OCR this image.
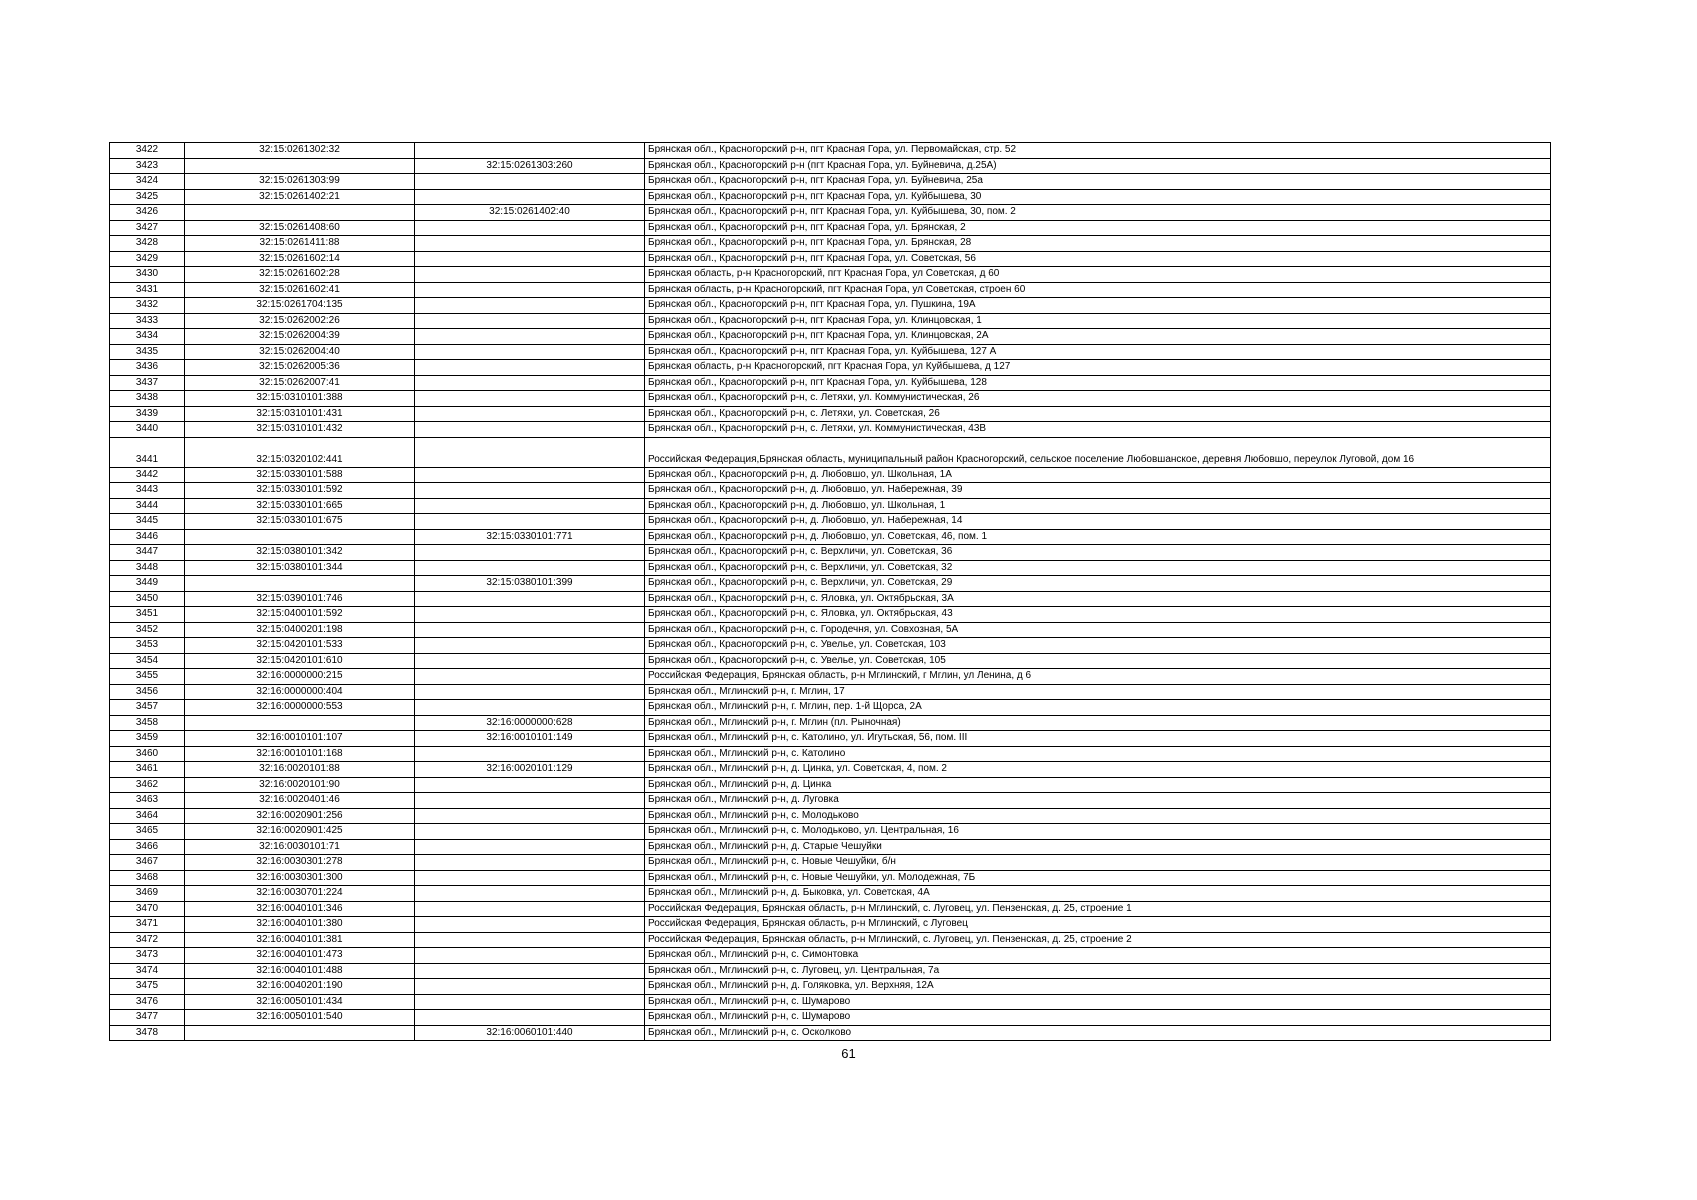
3422	32:15:0261302:32		Брянская обл., Красногорский р-н, пгт Красная Гора, ул. Первомайская, стр. 52
3423		32:15:0261303:260	Брянская обл., Красногорский р-н (пгт Красная Гора, ул. Буйневича, д.25А)
3424	32:15:0261303:99		Брянская обл., Красногорский р-н, пгт Красная Гора, ул. Буйневича, 25а
3425	32:15:0261402:21		Брянская обл., Красногорский р-н, пгт Красная Гора, ул. Куйбышева, 30
3426		32:15:0261402:40	Брянская обл., Красногорский р-н, пгт Красная Гора, ул. Куйбышева, 30, пом. 2
3427	32:15:0261408:60		Брянская обл., Красногорский р-н, пгт Красная Гора, ул. Брянская, 2
3428	32:15:0261411:88		Брянская обл., Красногорский р-н, пгт Красная Гора, ул. Брянская, 28
3429	32:15:0261602:14		Брянская обл., Красногорский р-н, пгт Красная Гора, ул. Советская, 56
3430	32:15:0261602:28		Брянская область, р-н Красногорский, пгт Красная Гора, ул Советская, д 60
3431	32:15:0261602:41		Брянская область, р-н Красногорский, пгт Красная Гора, ул Советская, строен 60
3432	32:15:0261704:135		Брянская обл., Красногорский р-н, пгт Красная Гора, ул. Пушкина, 19А
3433	32:15:0262002:26		Брянская обл., Красногорский р-н, пгт Красная Гора, ул. Клинцовская, 1
3434	32:15:0262004:39		Брянская обл., Красногорский р-н, пгт Красная Гора, ул. Клинцовская, 2А
3435	32:15:0262004:40		Брянская обл., Красногорский р-н, пгт Красная Гора, ул. Куйбышева, 127 А
3436	32:15:0262005:36		Брянская область, р-н Красногорский, пгт Красная Гора, ул Куйбышева, д 127
3437	32:15:0262007:41		Брянская обл., Красногорский р-н, пгт Красная Гора, ул. Куйбышева, 128
3438	32:15:0310101:388		Брянская обл., Красногорский р-н, с. Летяхи, ул. Коммунистическая, 26
3439	32:15:0310101:431		Брянская обл., Красногорский р-н, с. Летяхи, ул. Советская, 26
3440	32:15:0310101:432		Брянская обл., Красногорский р-н, с. Летяхи, ул. Коммунистическая, 43В
3441	32:15:0320102:441		Российская Федерация,Брянская область, муниципальный район Красногорский, сельское поселение Любовшанское, деревня Любовшо, переулок Луговой, дом 16
3442	32:15:0330101:588		Брянская обл., Красногорский р-н, д. Любовшо, ул. Школьная, 1А
3443	32:15:0330101:592		Брянская обл., Красногорский р-н, д. Любовшо, ул. Набережная, 39
3444	32:15:0330101:665		Брянская обл., Красногорский р-н, д. Любовшо, ул. Школьная, 1
3445	32:15:0330101:675		Брянская обл., Красногорский р-н, д. Любовшо, ул. Набережная, 14
3446		32:15:0330101:771	Брянская обл., Красногорский р-н, д. Любовшо, ул. Советская, 46, пом. 1
3447	32:15:0380101:342		Брянская обл., Красногорский р-н, с. Верхличи, ул. Советская, 36
3448	32:15:0380101:344		Брянская обл., Красногорский р-н, с. Верхличи, ул. Советская, 32
3449		32:15:0380101:399	Брянская обл., Красногорский р-н, с. Верхличи, ул. Советская, 29
3450	32:15:0390101:746		Брянская обл., Красногорский р-н, с. Яловка, ул. Октябрьская, 3А
3451	32:15:0400101:592		Брянская обл., Красногорский р-н, с. Яловка, ул. Октябрьская, 43
3452	32:15:0400201:198		Брянская обл., Красногорский р-н, с. Городечня, ул. Совхозная, 5А
3453	32:15:0420101:533		Брянская обл., Красногорский р-н, с. Увелье, ул. Советская, 103
3454	32:15:0420101:610		Брянская обл., Красногорский р-н, с. Увелье, ул. Советская, 105
3455	32:16:0000000:215		Российская Федерация, Брянская область, р-н Мглинский, г Мглин, ул Ленина, д 6
3456	32:16:0000000:404		Брянская обл., Мглинский р-н, г. Мглин, 17
3457	32:16:0000000:553		Брянская обл., Мглинский р-н, г. Мглин, пер. 1-й Щорса, 2А
3458		32:16:0000000:628	Брянская обл., Мглинский р-н, г. Мглин (пл. Рыночная)
3459	32:16:0010101:107	32:16:0010101:149	Брянская обл., Мглинский р-н, с. Католино, ул. Игутьская, 56, пом. III
3460	32:16:0010101:168		Брянская обл., Мглинский р-н, с. Католино
3461	32:16:0020101:88	32:16:0020101:129	Брянская обл., Мглинский р-н, д. Цинка, ул. Советская, 4, пом. 2
3462	32:16:0020101:90		Брянская обл., Мглинский р-н, д. Цинка
3463	32:16:0020401:46		Брянская обл., Мглинский р-н, д. Луговка
3464	32:16:0020901:256		Брянская обл., Мглинский р-н, с. Молодьково
3465	32:16:0020901:425		Брянская обл., Мглинский р-н, с. Молодьково, ул. Центральная, 16
3466	32:16:0030101:71		Брянская обл., Мглинский р-н, д. Старые Чешуйки
3467	32:16:0030301:278		Брянская обл., Мглинский р-н, с. Новые Чешуйки, б/н
3468	32:16:0030301:300		Брянская обл., Мглинский р-н, с. Новые Чешуйки, ул. Молодежная, 7Б
3469	32:16:0030701:224		Брянская обл., Мглинский р-н, д. Быковка, ул. Советская, 4А
3470	32:16:0040101:346		Российская Федерация, Брянская область, р-н Мглинский, с. Луговец, ул. Пензенская, д. 25, строение 1
3471	32:16:0040101:380		Российская Федерация, Брянская область, р-н Мглинский, с Луговец
3472	32:16:0040101:381		Российская Федерация, Брянская область, р-н Мглинский, с. Луговец, ул. Пензенская, д. 25, строение 2
3473	32:16:0040101:473		Брянская обл., Мглинский р-н, с. Симонтовка
3474	32:16:0040101:488		Брянская обл., Мглинский р-н, с. Луговец, ул. Центральная, 7а
3475	32:16:0040201:190		Брянская обл., Мглинский р-н, д. Голяковка, ул. Верхняя, 12А
3476	32:16:0050101:434		Брянская обл., Мглинский р-н, с. Шумарово
3477	32:16:0050101:540		Брянская обл., Мглинский р-н, с. Шумарово
3478		32:16:0060101:440	Брянская обл., Мглинский р-н, с. Осколково
61
